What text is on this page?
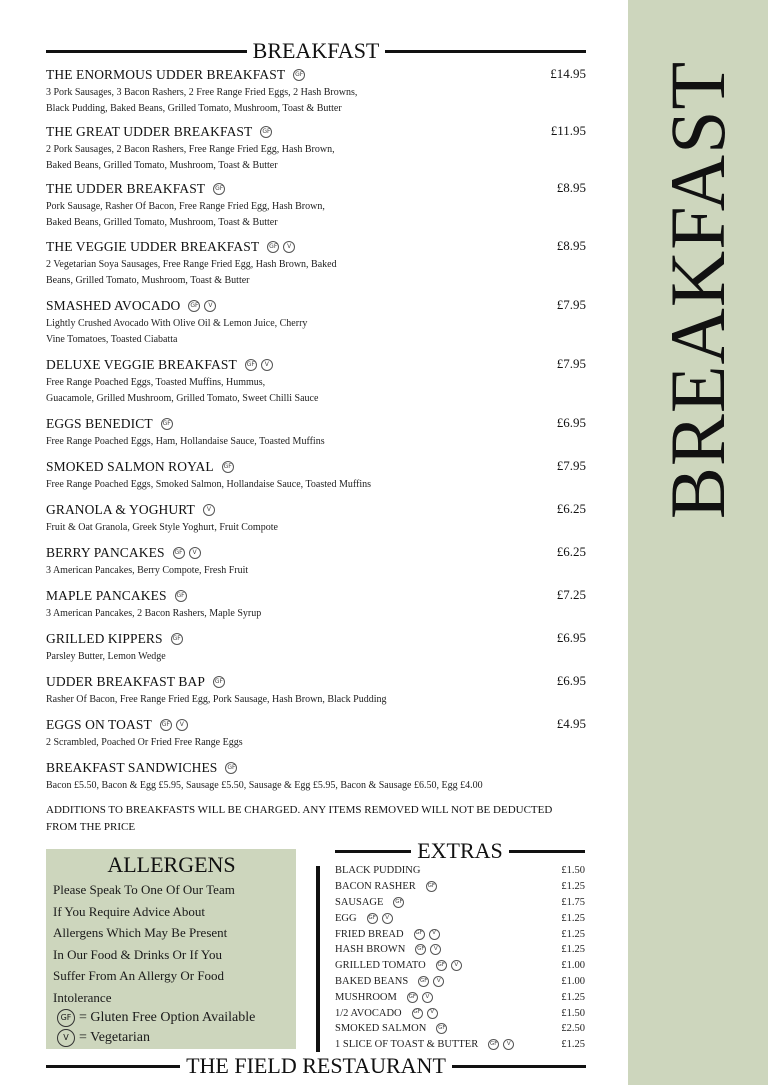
BREAKFAST
BREAKFAST
THE ENORMOUS UDDER BREAKFAST	GF	£14.95
3 Pork Sausages, 3 Bacon Rashers, 2 Free Range Fried Eggs, 2 Hash Browns,
Black Pudding, Baked Beans, Grilled Tomato, Mushroom, Toast & Butter
THE GREAT UDDER BREAKFAST	GF	£11.95
2 Pork Sausages, 2 Bacon Rashers, Free Range Fried Egg, Hash Brown,
Baked Beans, Grilled Tomato, Mushroom, Toast & Butter
THE UDDER BREAKFAST	GF	£8.95
Pork Sausage, Rasher Of Bacon, Free Range Fried Egg, Hash Brown,
Baked Beans, Grilled Tomato, Mushroom, Toast & Butter
THE VEGGIE UDDER BREAKFAST	GF	V	£8.95
2 Vegetarian Soya Sausages, Free Range Fried Egg, Hash Brown, Baked
Beans, Grilled Tomato, Mushroom, Toast & Butter
SMASHED AVOCADO	GF	V	£7.95
Lightly Crushed Avocado With Olive Oil & Lemon Juice, Cherry
Vine Tomatoes, Toasted Ciabatta
DELUXE VEGGIE BREAKFAST	GF	V	£7.95
Free Range Poached Eggs, Toasted Muffins, Hummus,
Guacamole, Grilled Mushroom, Grilled Tomato, Sweet Chilli Sauce
EGGS BENEDICT	GF	£6.95
Free Range Poached Eggs, Ham, Hollandaise Sauce, Toasted Muffins
SMOKED SALMON ROYAL	GF	£7.95
Free Range Poached Eggs, Smoked Salmon, Hollandaise Sauce, Toasted Muffins
GRANOLA & YOGHURT	V	£6.25
Fruit & Oat Granola, Greek Style Yoghurt, Fruit Compote
BERRY PANCAKES	GF	V	£6.25
3 American Pancakes, Berry Compote, Fresh Fruit
MAPLE PANCAKES	GF	£7.25
3 American Pancakes, 2 Bacon Rashers, Maple Syrup
GRILLED KIPPERS	GF	£6.95
Parsley Butter, Lemon Wedge
UDDER BREAKFAST BAP	GF	£6.95
Rasher Of Bacon, Free Range Fried Egg, Pork Sausage, Hash Brown, Black Pudding
EGGS ON TOAST	GF	V	£4.95
2 Scrambled, Poached Or Fried Free Range Eggs
BREAKFAST SANDWICHES	GF
Bacon £5.50, Bacon & Egg £5.95, Sausage £5.50, Sausage & Egg £5.95, Bacon & Sausage £6.50, Egg £4.00
ADDITIONS TO BREAKFASTS WILL BE CHARGED. ANY ITEMS REMOVED WILL NOT BE DEDUCTED
FROM THE PRICE
ALLERGENS
Please Speak To One Of Our Team
If You Require Advice About
Allergens Which May Be Present
In Our Food & Drinks Or If You
Suffer From An Allergy Or Food
Intolerance
GF = Gluten Free Option Available
V = Vegetarian
EXTRAS
BLACK PUDDING	£1.50
BACON RASHER	GF	£1.25
SAUSAGE	GF	£1.75
EGG	GF	V	£1.25
FRIED BREAD	GF	V	£1.25
HASH BROWN	GF	V	£1.25
GRILLED TOMATO	GF	V	£1.00
BAKED BEANS	GF	V	£1.00
MUSHROOM	GF	V	£1.25
1/2 AVOCADO	GF	V	£1.50
SMOKED SALMON	GF	£2.50
1 SLICE OF TOAST & BUTTER	GF	V	£1.25
THE FIELD RESTAURANT
